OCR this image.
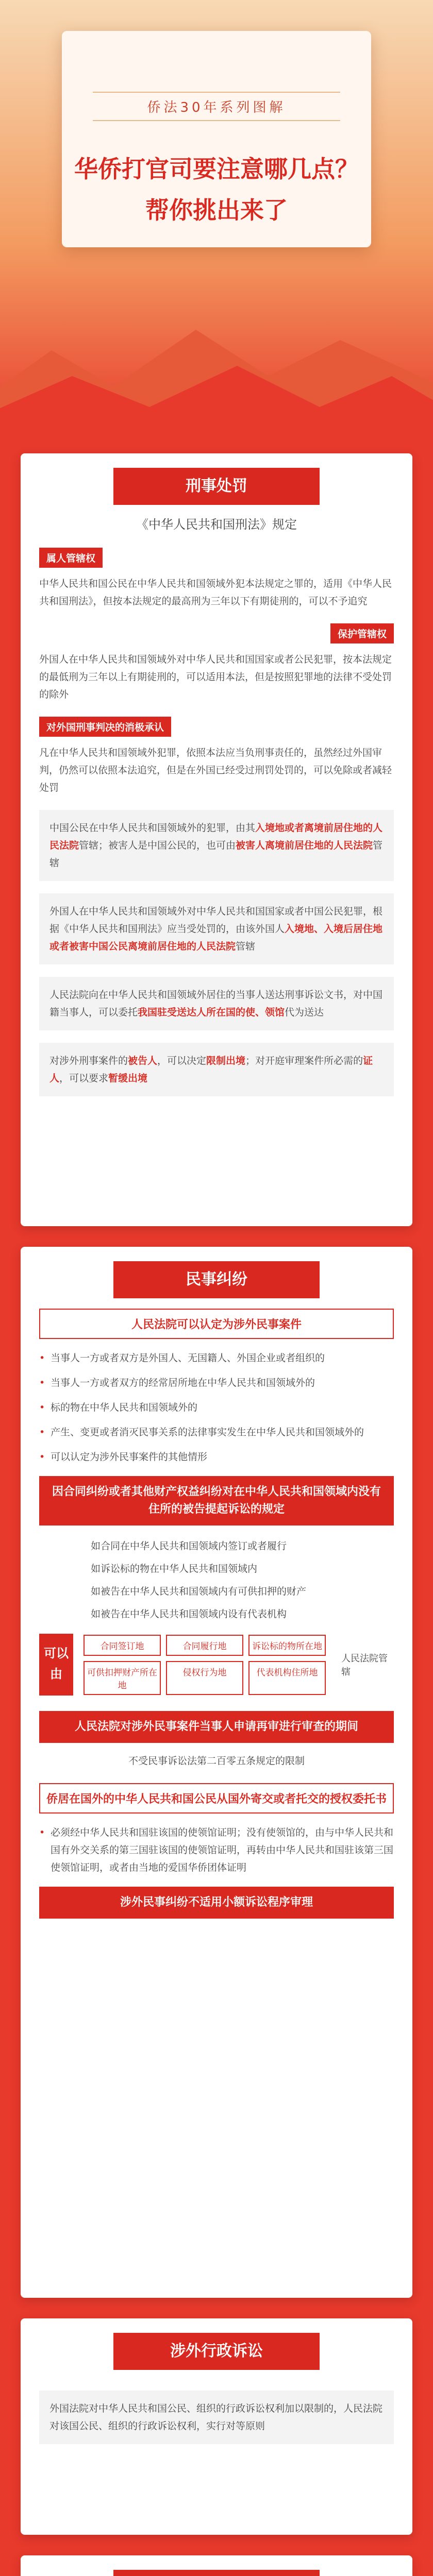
侨法30年系列图解
华侨打官司要注意哪几点？
帮你挑出来了
刑事处罚
《中华人民共和国刑法》规定
属人管辖权
中华人民共和国公民在中华人民共和国领域外犯本法规定之罪的，适用《中华人民共和国刑法》，但按本法规定的最高刑为三年以下有期徒刑的，可以不予追究
保护管辖权
外国人在中华人民共和国领域外对中华人民共和国国家或者公民犯罪，按本法规定的最低刑为三年以上有期徒刑的，可以适用本法，但是按照犯罪地的法律不受处罚的除外
对外国刑事判决的消极承认
凡在中华人民共和国领域外犯罪，依照本法应当负刑事责任的，虽然经过外国审判，仍然可以依照本法追究，但是在外国已经受过刑罚处罚的，可以免除或者减轻处罚
中国公民在中华人民共和国领域外的犯罪，由其入境地或者离境前居住地的人民法院管辖；被害人是中国公民的，也可由被害人离境前居住地的人民法院管辖
外国人在中华人民共和国领域外对中华人民共和国国家或者中国公民犯罪，根据《中华人民共和国刑法》应当受处罚的，由该外国人入境地、入境后居住地或者被害中国公民离境前居住地的人民法院管辖
人民法院向在中华人民共和国领域外居住的当事人送达刑事诉讼文书，对中国籍当事人，可以委托我国驻受送达人所在国的使、领馆代为送达
对涉外刑事案件的被告人，可以决定限制出境；对开庭审理案件所必需的证人，可以要求暂缓出境
民事纠纷
人民法院可以认定为涉外民事案件
• 当事人一方或者双方是外国人、无国籍人、外国企业或者组织的
• 当事人一方或者双方的经常居所地在中华人民共和国领域外的
• 标的物在中华人民共和国领域外的
• 产生、变更或者消灭民事关系的法律事实发生在中华人民共和国领域外的
• 可以认定为涉外民事案件的其他情形
因合同纠纷或者其他财产权益纠纷对在中华人民共和国领域内没有住所的被告提起诉讼的规定
如合同在中华人民共和国领域内签订或者履行
如诉讼标的物在中华人民共和国领域内
如被告在中华人民共和国领域内有可供扣押的财产
如被告在中华人民共和国领域内设有代表机构
可以由
合同签订地	合同履行地	诉讼标的物所在地
可供扣押财产所在地
侵权行为地	代表机构住所地
人民法院管辖
人民法院对涉外民事案件当事人申请再审进行审查的期间
不受民事诉讼法第二百零五条规定的限制
侨居在国外的中华人民共和国公民从国外寄交或者托交的授权委托书
• 必须经中华人民共和国驻该国的使领馆证明；没有使领馆的，由与中华人民共和国有外交关系的第三国驻该国的使领馆证明，再转由中华人民共和国驻该第三国使领馆证明，或者由当地的爱国华侨团体证明
涉外民事纠纷不适用小额诉讼程序审理
涉外行政诉讼
外国法院对中华人民共和国公民、组织的行政诉讼权利加以限制的，人民法院对该国公民、组织的行政诉讼权利，实行对等原则
